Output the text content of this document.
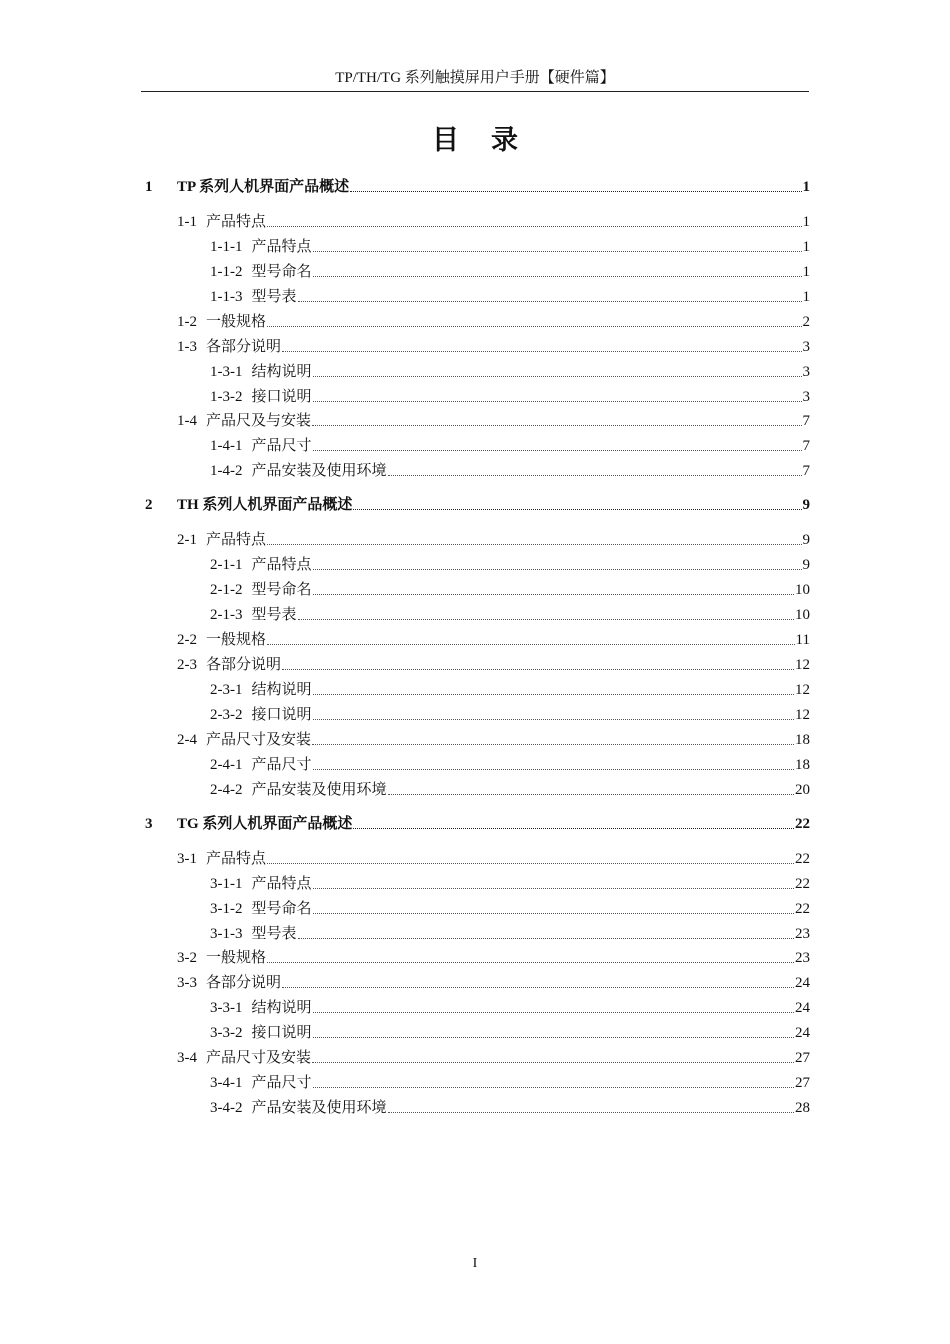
TP/TH/TG 系列触摸屏用户手册【硬件篇】
目录
1	TP 系列人机界面产品概述	1
1-1 产品特点	1
1-1-1 产品特点	1
1-1-2 型号命名	1
1-1-3 型号表	1
1-2 一般规格	2
1-3 各部分说明	3
1-3-1 结构说明	3
1-3-2 接口说明	3
1-4 产品尺及与安装	7
1-4-1 产品尺寸	7
1-4-2 产品安装及使用环境	7
2	TH 系列人机界面产品概述	9
2-1 产品特点	9
2-1-1 产品特点	9
2-1-2 型号命名	10
2-1-3 型号表	10
2-2 一般规格	11
2-3 各部分说明	12
2-3-1 结构说明	12
2-3-2 接口说明	12
2-4 产品尺寸及安装	18
2-4-1 产品尺寸	18
2-4-2 产品安装及使用环境	20
3	TG 系列人机界面产品概述	22
3-1 产品特点	22
3-1-1 产品特点	22
3-1-2 型号命名	22
3-1-3 型号表	23
3-2 一般规格	23
3-3 各部分说明	24
3-3-1 结构说明	24
3-3-2 接口说明	24
3-4 产品尺寸及安装	27
3-4-1 产品尺寸	27
3-4-2 产品安装及使用环境	28
I
